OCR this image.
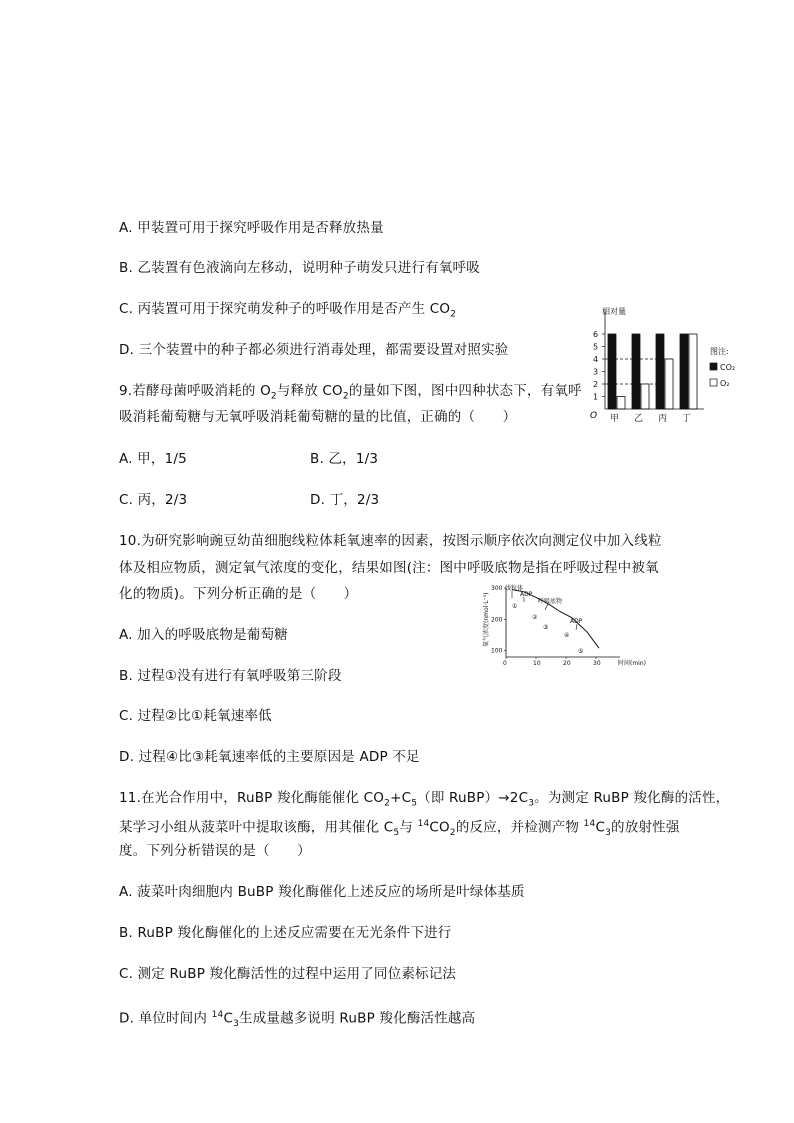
A. 甲装置可用于探究呼吸作用是否释放热量
B. 乙装置有色液滴向左移动，说明种子萌发只进行有氧呼吸
C. 丙装置可用于探究萌发种子的呼吸作用是否产生 $CO_2$
D. 三个装置中的种子都必须进行消毒处理，都需要设置对照实验
9.若酵母菌呼吸消耗的 $O_2$与释放 $CO_2$的量如下图，图中四种状态下，有氧呼
吸消耗葡萄糖与无氧呼吸消耗葡萄糖的量的比值，正确的（　　）
A. 甲，1/5	B. 乙，1/3
C. 丙，2/3	D. 丁，2/3
相对量
1
2
3
4
5
6
甲 乙 丙 丁
O
图注:
CO₂
O₂
10.为研究影响豌豆幼苗细胞线粒体耗氧速率的因素，按图示顺序依次向测定仪中加入线粒
体及相应物质，测定氧气浓度的变化，结果如图(注：图中呼吸底物是指在呼吸过程中被氧
化的物质)。下列分析正确的是（　　）
A. 加入的呼吸底物是葡萄糖
B. 过程①没有进行有氧呼吸第三阶段
C. 过程②比①耗氧速率低
D. 过程④比③耗氧速率低的主要原因是 ADP 不足
氧气浓度(nmol·L⁻¹)
100
200
300
0	10	20	30	时间(min)
线粒体
ADP
呼吸底物
ADP
①
②
③
④
⑤
11.在光合作用中，RuBP 羧化酶能催化 $CO_2+C_5$（即 $RuBP)\to 2C_3$。为测定 RuBP 羧化酶的活性，
某学习小组从菠菜叶中提取该酶，用其催化 $C_5$与 $^{14}CO_2$的反应，并检测产物 $^{14}C_3$的放射性强
度。下列分析错误的是（　　）
A. 菠菜叶肉细胞内 BuBP 羧化酶催化上述反应的场所是叶绿体基质
B. RuBP 羧化酶催化的上述反应需要在无光条件下进行
C. 测定 RuBP 羧化酶活性的过程中运用了同位素标记法
D. 单位时间内 $^{14}C_3$生成量越多说明 RuBP 羧化酶活性越高
